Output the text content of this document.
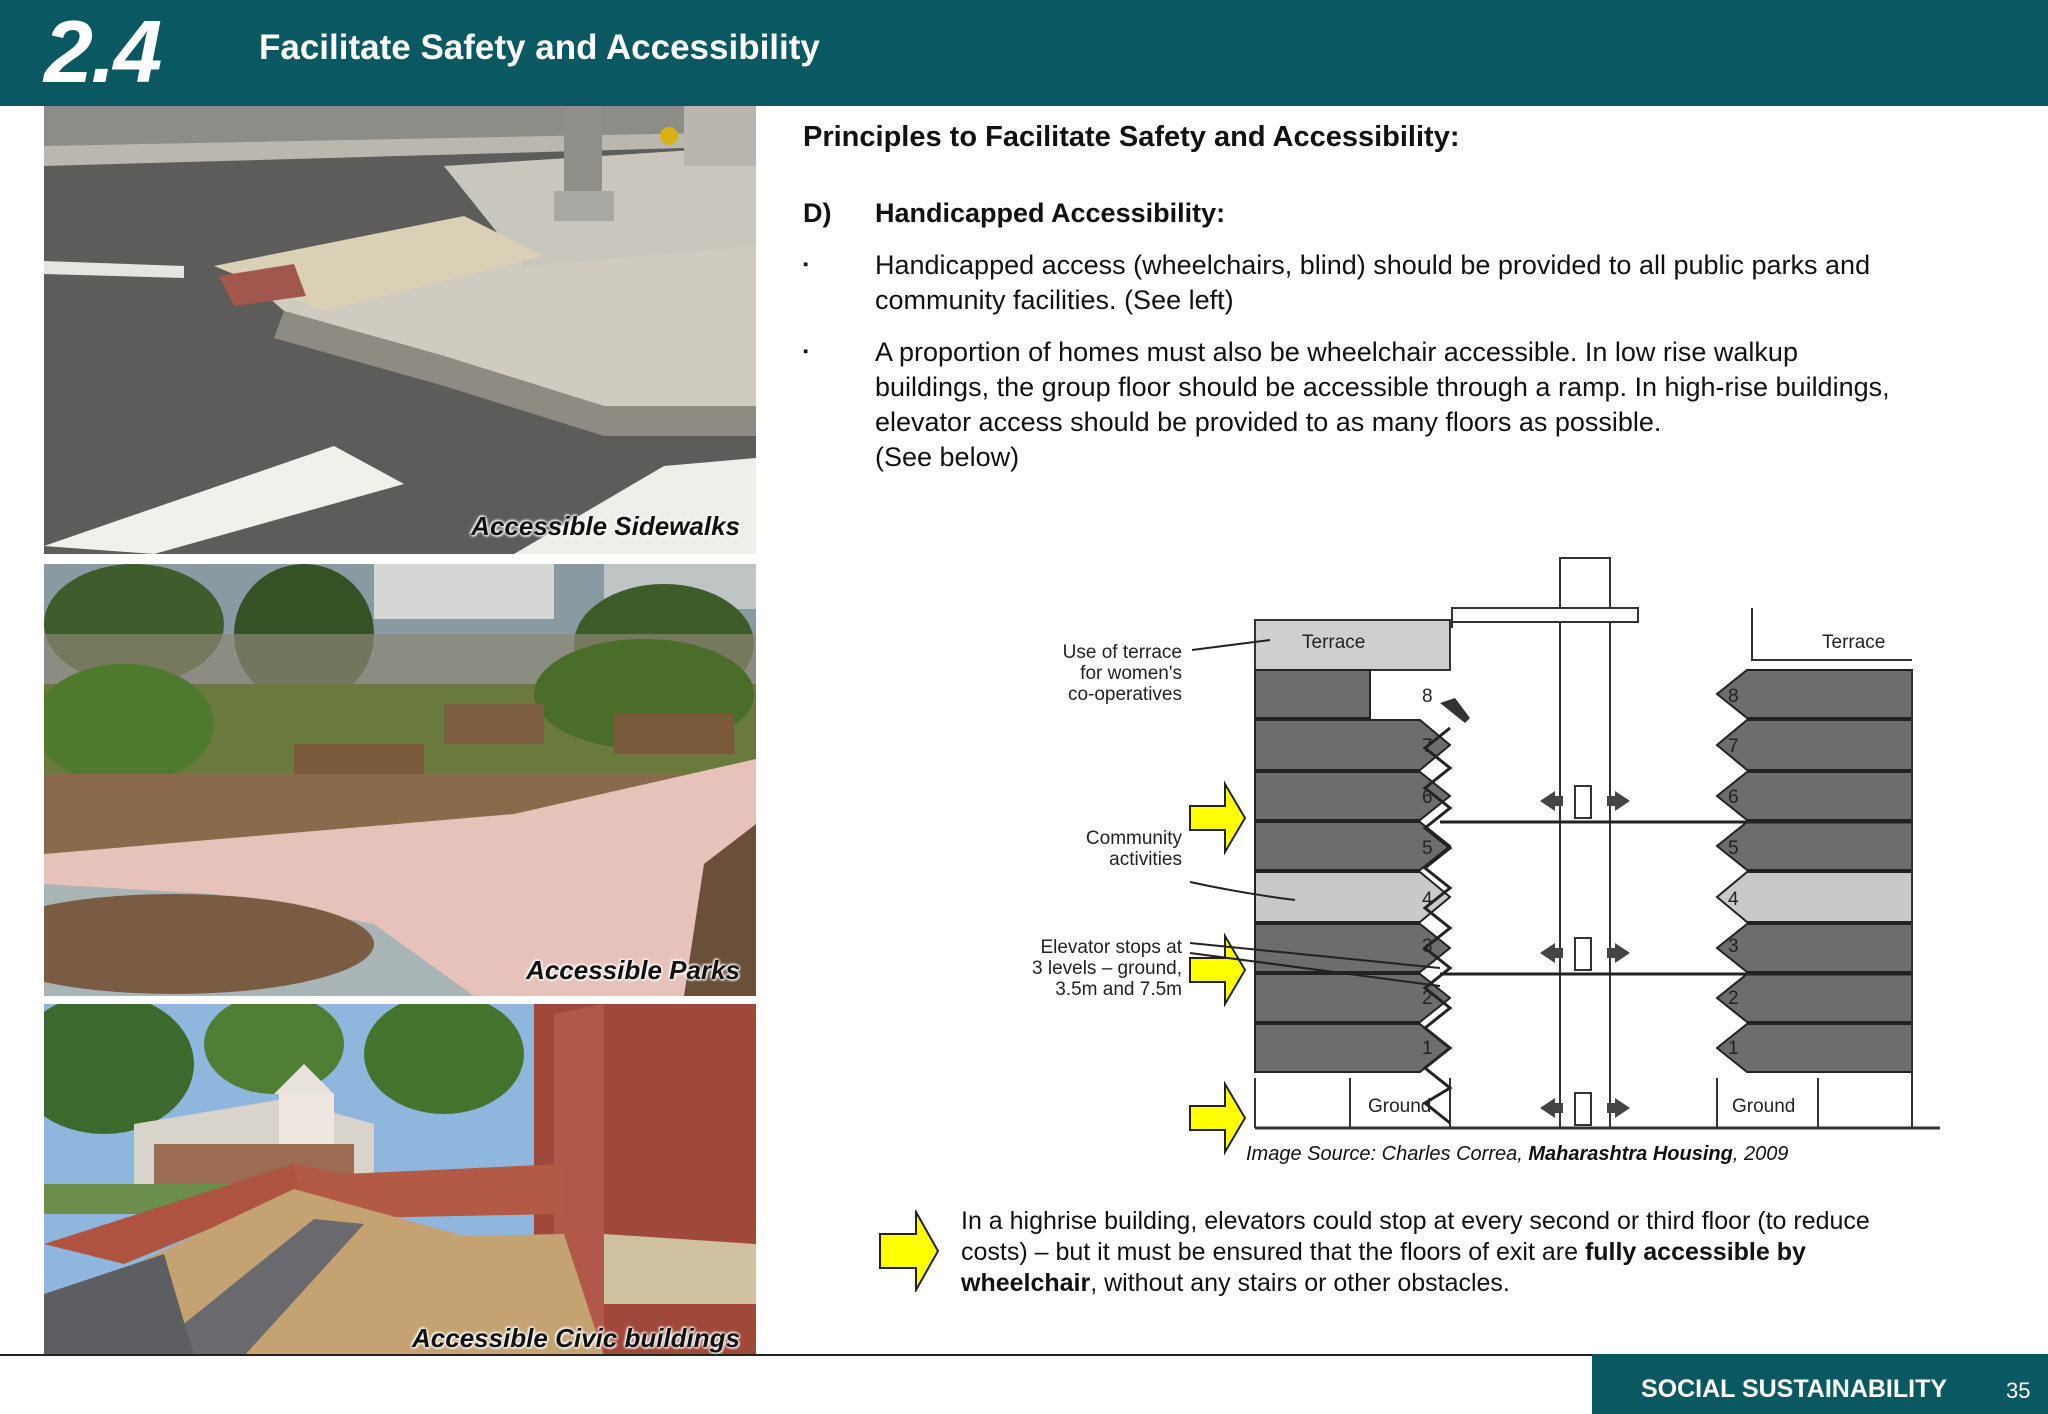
2.4	Facilitate Safety and Accessibility
Accessible Sidewalks
Accessible Parks
Accessible Civic buildings
Principles to Facilitate Safety and Accessibility:
D) Handicapped Accessibility:
▪ Handicapped access (wheelchairs, blind) should be provided to all public parks and
community facilities. (See left)
▪ A proportion of homes must also be wheelchair accessible. In low rise walkup
buildings, the group floor should be accessible through a ramp. In high-rise buildings,
elevator access should be provided to as many floors as possible.
(See below)
Terrace	Terrace
Use of terrace
for women's
co-operatives
Community
activities
Elevator stops at
3 levels – ground,
3.5m and 7.5m
Ground	Ground
8
7
6
5
4
3
2
1
8
7
6
5
4
3
2
1
Image Source: Charles Correa, Maharashtra Housing, 2009
In a highrise building, elevators could stop at every second or third floor (to reduce costs) – but it must be ensured that the floors of exit are fully accessible by wheelchair, without any stairs or other obstacles.
SOCIAL SUSTAINABILITY	35
